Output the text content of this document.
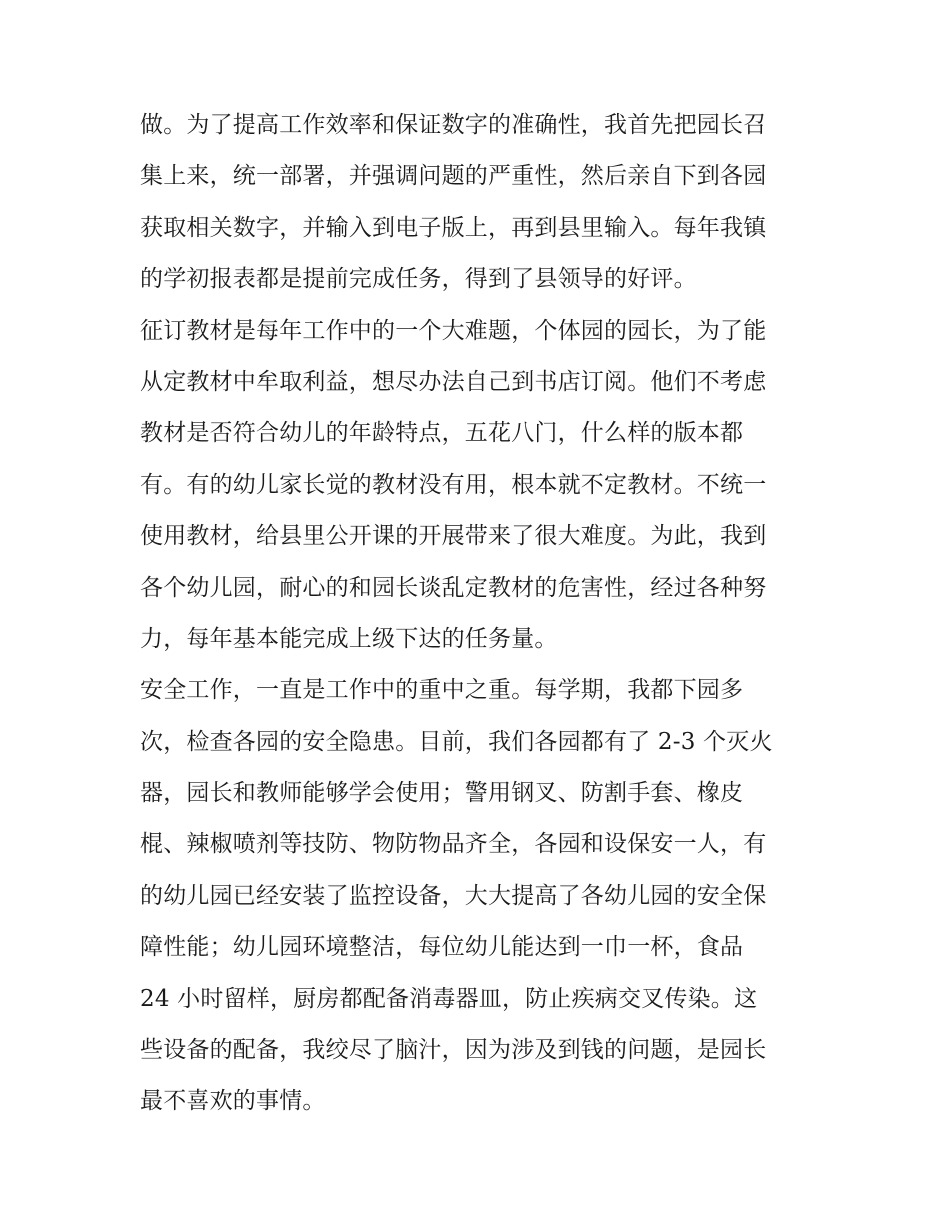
做。为了提高工作效率和保证数字的准确性，我首先把园长召
集上来，统一部署，并强调问题的严重性，然后亲自下到各园
获取相关数字，并输入到电子版上，再到县里输入。每年我镇
的学初报表都是提前完成任务，得到了县领导的好评。
征订教材是每年工作中的一个大难题，个体园的园长，为了能
从定教材中牟取利益，想尽办法自己到书店订阅。他们不考虑
教材是否符合幼儿的年龄特点，五花八门，什么样的版本都
有。有的幼儿家长觉的教材没有用，根本就不定教材。不统一
使用教材，给县里公开课的开展带来了很大难度。为此，我到
各个幼儿园，耐心的和园长谈乱定教材的危害性，经过各种努
力，每年基本能完成上级下达的任务量。
安全工作，一直是工作中的重中之重。每学期，我都下园多
次，检查各园的安全隐患。目前，我们各园都有了 2-3 个灭火
器，园长和教师能够学会使用；警用钢叉、防割手套、橡皮
棍、辣椒喷剂等技防、物防物品齐全，各园和设保安一人，有
的幼儿园已经安装了监控设备，大大提高了各幼儿园的安全保
障性能；幼儿园环境整洁，每位幼儿能达到一巾一杯，食品
24 小时留样，厨房都配备消毒器皿，防止疾病交叉传染。这
些设备的配备，我绞尽了脑汁，因为涉及到钱的问题，是园长
最不喜欢的事情。
